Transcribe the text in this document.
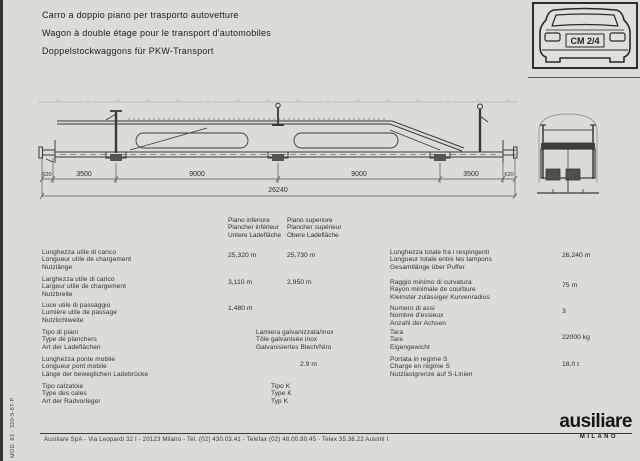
Carro a doppio piano per trasporto autovetture
Wagon à double étage pour le transport d'automobiles
Doppelstockwaggons für PKW-Transport
CM 2/4
620	3500	9000	9000	3500	620
26240
Piano inferiore
Plancher inférieur
Untere Ladefläche
Piano superiore
Plancher supérieur
Obere Ladefläche
Lunghezza utile di carico
Longueur utile de chargement
Nutzlänge
25,320 m	25,730 m
Larghezza utile di carico
Largeur utile de chargement
Nutzbreite
3,110 m	2,950 m
Luce utile di passaggio
Lumière utile de passage
Nutzlichtweite
1,480 m
Tipo di piani
Type de planchers
Art der Ladeflächen
Lamiera galvanizzata/inox
Tôle galvanisée inox
Galvanisiertes Blech/Niro
Lunghezza ponte mobile
Longueur pont mobile
Länge der beweglichen Ladebrücke
2.9 m
Tipo calzatoie
Type des cales
Art der Radvorleger
Tipo K
Type K
Typ K
Lunghezza totale fra i respingenti
Longueur totale entre les tampons
Gesamtlänge über Puffer
26,240 m
Raggio minimo di curvatura
Rayon minimale de courbure
Kleinster zulässiger Kurvenradius
75 m
Numero di assi
Nombre d'essieux
Anzahl der Achsen
3
Tara
Tare
Eigengewicht
22000 kg
Portata in regime S
Charge en régime S
Nutzlastgrenze auf S-Linien
18,0 t
MOD. 83 - 320-9-87-P	ausiliare
MILANO
Ausiliare SpA - Via Leopardi 32 I - 20123 Milano - Tel. (02) 430.03.41 - Telefax (02) 48.00.80.45 - Telex 35.36.22 Ausiml I
